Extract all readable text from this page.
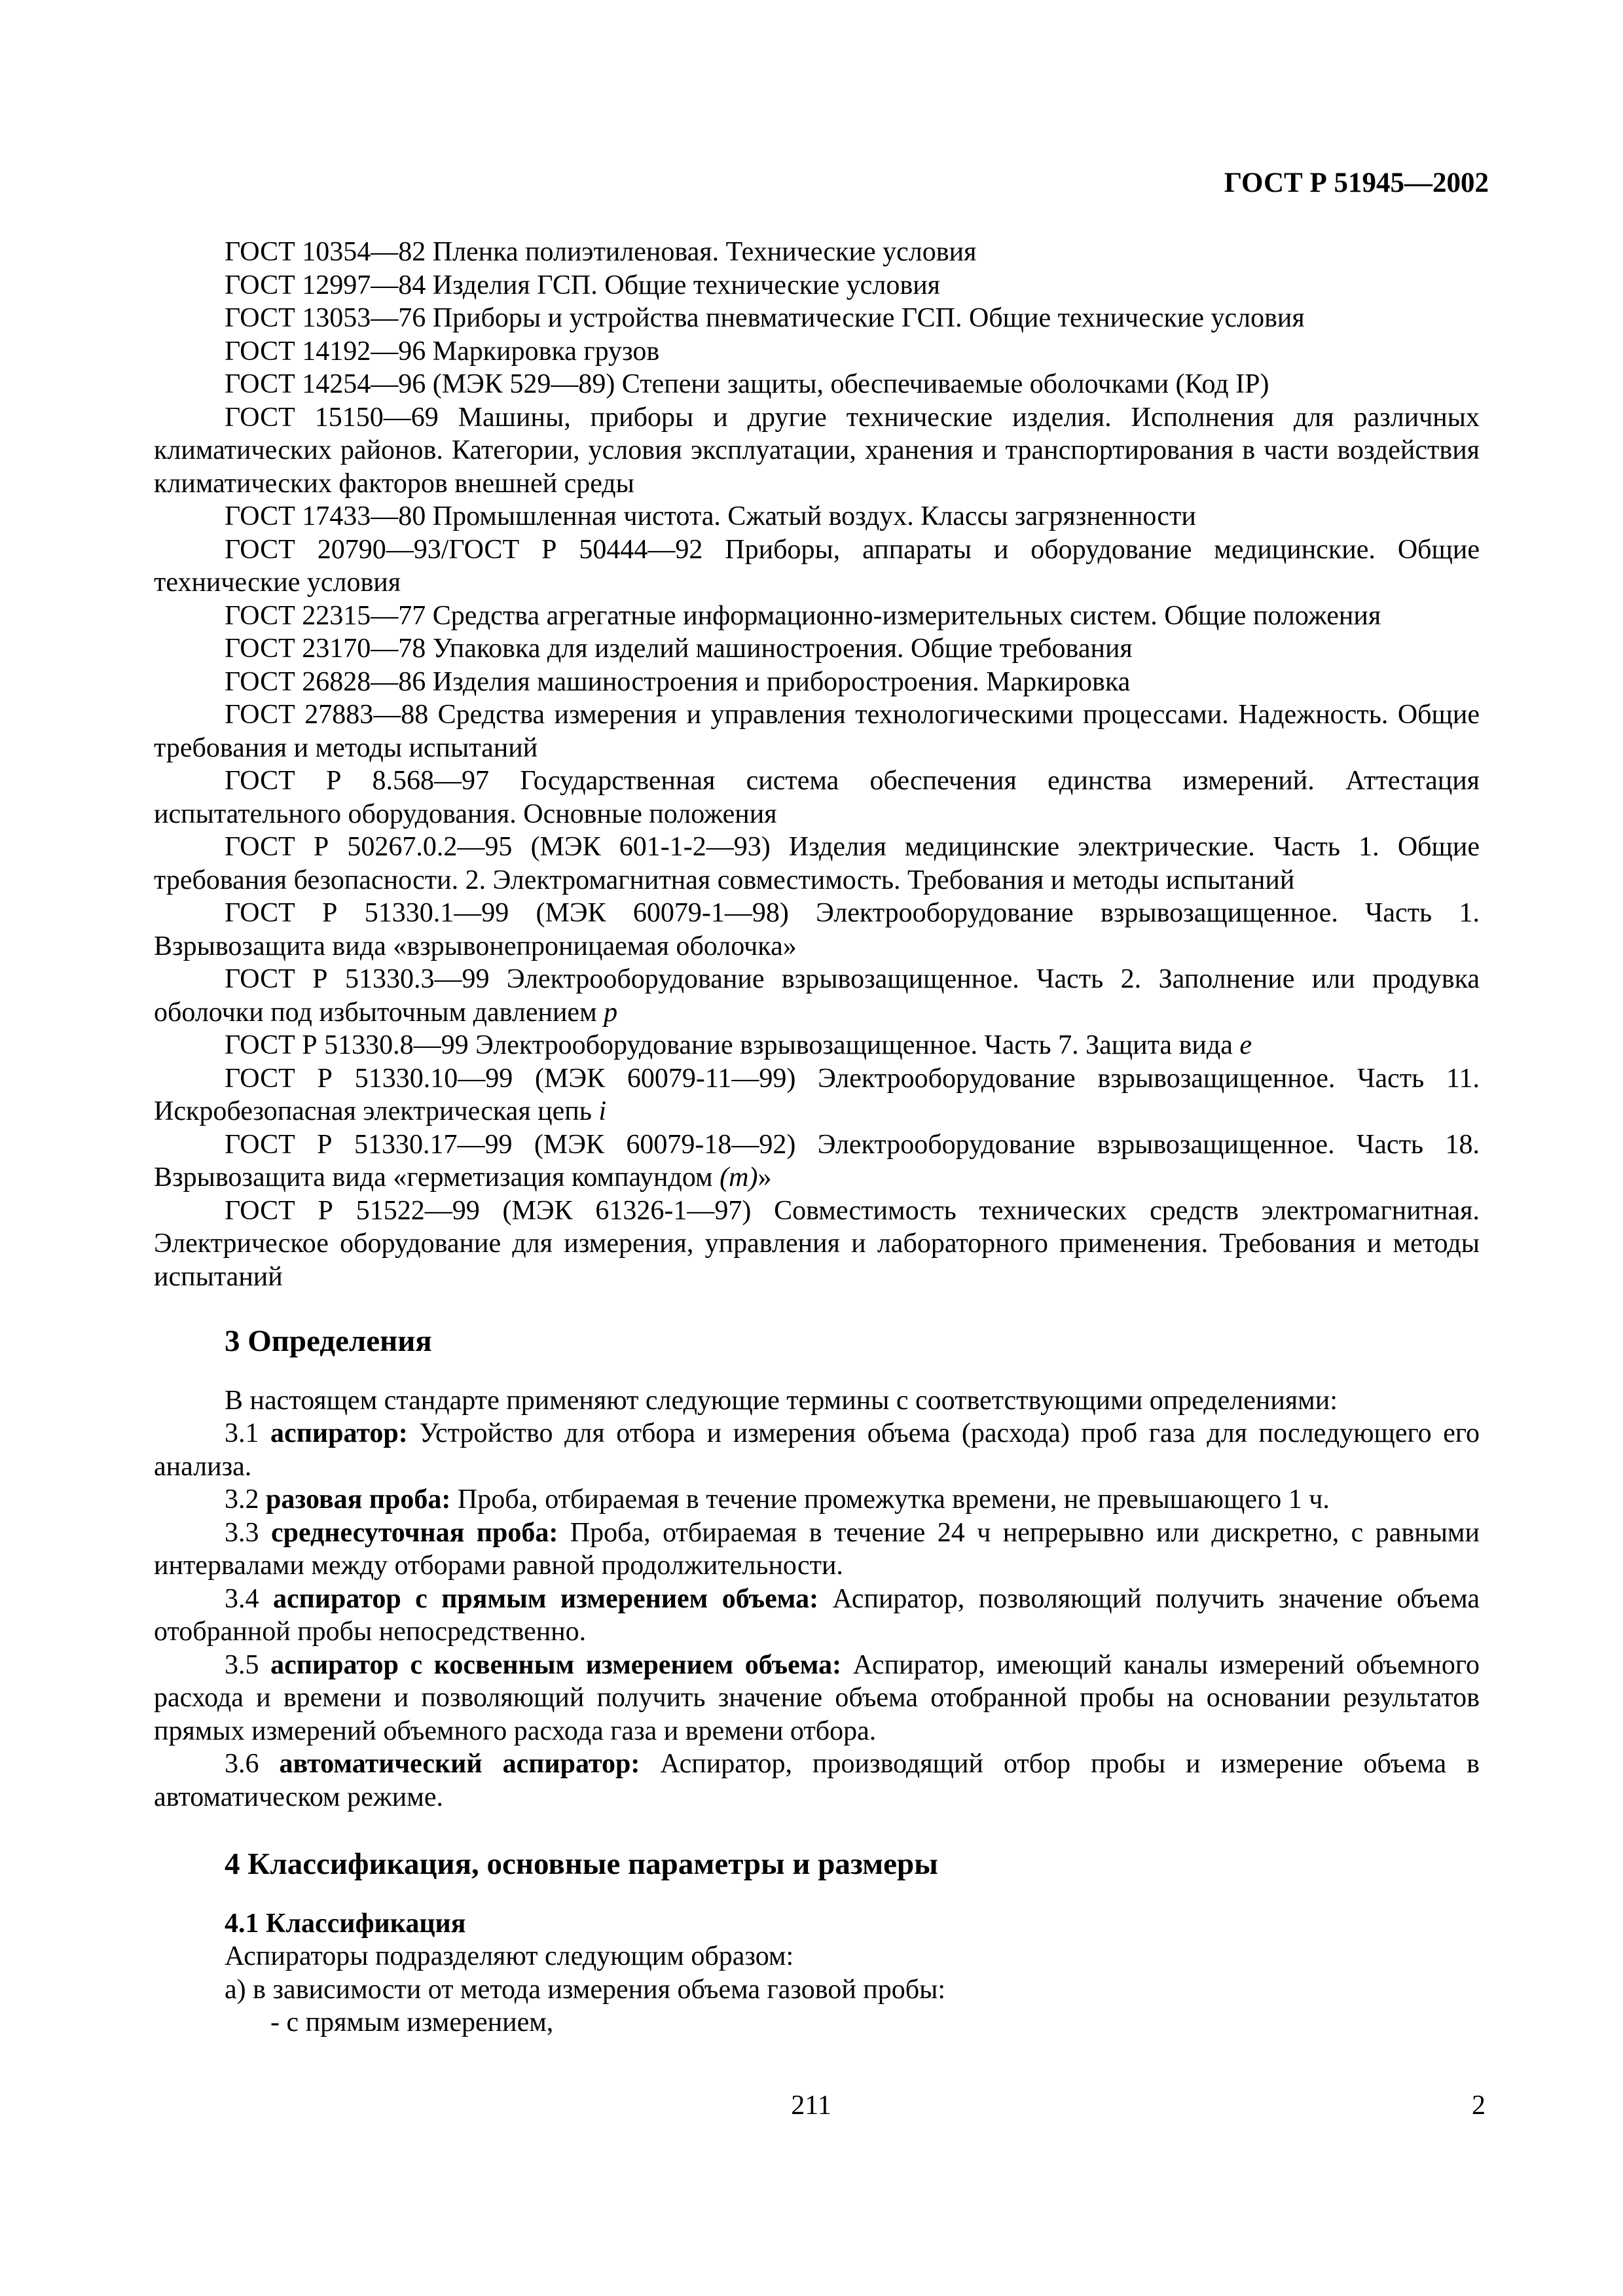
ГОСТ Р 51945—2002

ГОСТ 10354—82 Пленка полиэтиленовая. Технические условия

ГОСТ 12997—84 Изделия ГСП. Общие технические условия

ГОСТ 13053—76 Приборы и устройства пневматические ГСП. Общие технические условия

ГОСТ 14192—96 Маркировка грузов

ГОСТ 14254—96 (МЭК 529—89) Степени защиты, обеспечиваемые оболочками (Код IP)

ГОСТ 15150—69 Машины, приборы и другие технические изделия. Исполнения для различных климатических районов. Категории, условия эксплуатации, хранения и транспортирования в части воздействия климатических факторов внешней среды

ГОСТ 17433—80 Промышленная чистота. Сжатый воздух. Классы загрязненности

ГОСТ 20790—93/ГОСТ Р 50444—92 Приборы, аппараты и оборудование медицинские. Общие технические условия

ГОСТ 22315—77 Средства агрегатные информационно-измерительных систем. Общие положения

ГОСТ 23170—78 Упаковка для изделий машиностроения. Общие требования

ГОСТ 26828—86 Изделия машиностроения и приборостроения. Маркировка

ГОСТ 27883—88 Средства измерения и управления технологическими процессами. Надежность. Общие требования и методы испытаний

ГОСТ Р 8.568—97 Государственная система обеспечения единства измерений. Аттестация испытательного оборудования. Основные положения

ГОСТ Р 50267.0.2—95 (МЭК 601-1-2—93) Изделия медицинские электрические. Часть 1. Общие требования безопасности. 2. Электромагнитная совместимость. Требования и методы испытаний

ГОСТ Р 51330.1—99 (МЭК 60079-1—98) Электрооборудование взрывозащищенное. Часть 1. Взрывозащита вида «взрывонепроницаемая оболочка»

ГОСТ Р 51330.3—99 Электрооборудование взрывозащищенное. Часть 2. Заполнение или продувка оболочки под избыточным давлением p

ГОСТ Р 51330.8—99 Электрооборудование взрывозащищенное. Часть 7. Защита вида e

ГОСТ Р 51330.10—99 (МЭК 60079-11—99) Электрооборудование взрывозащищенное. Часть 11. Искробезопасная электрическая цепь i

ГОСТ Р 51330.17—99 (МЭК 60079-18—92) Электрооборудование взрывозащищенное. Часть 18. Взрывозащита вида «герметизация компаундом (m)»

ГОСТ Р 51522—99 (МЭК 61326-1—97) Совместимость технических средств электромагнитная. Электрическое оборудование для измерения, управления и лабораторного применения. Требования и методы испытаний

3 Определения

В настоящем стандарте применяют следующие термины с соответствующими определениями:

3.1 аспиратор: Устройство для отбора и измерения объема (расхода) проб газа для последующего его анализа.

3.2 разовая проба: Проба, отбираемая в течение промежутка времени, не превышающего 1 ч.

3.3 среднесуточная проба: Проба, отбираемая в течение 24 ч непрерывно или дискретно, с равными интервалами между отборами равной продолжительности.

3.4 аспиратор с прямым измерением объема: Аспиратор, позволяющий получить значение объема отобранной пробы непосредственно.

3.5 аспиратор с косвенным измерением объема: Аспиратор, имеющий каналы измерений объемного расхода и времени и позволяющий получить значение объема отобранной пробы на основании результатов прямых измерений объемного расхода газа и времени отбора.

3.6 автоматический аспиратор: Аспиратор, производящий отбор пробы и измерение объема в автоматическом режиме.

4 Классификация, основные параметры и размеры

4.1 Классификация

Аспираторы подразделяют следующим образом:

а) в зависимости от метода измерения объема газовой пробы:

- с прямым измерением,

211	2
